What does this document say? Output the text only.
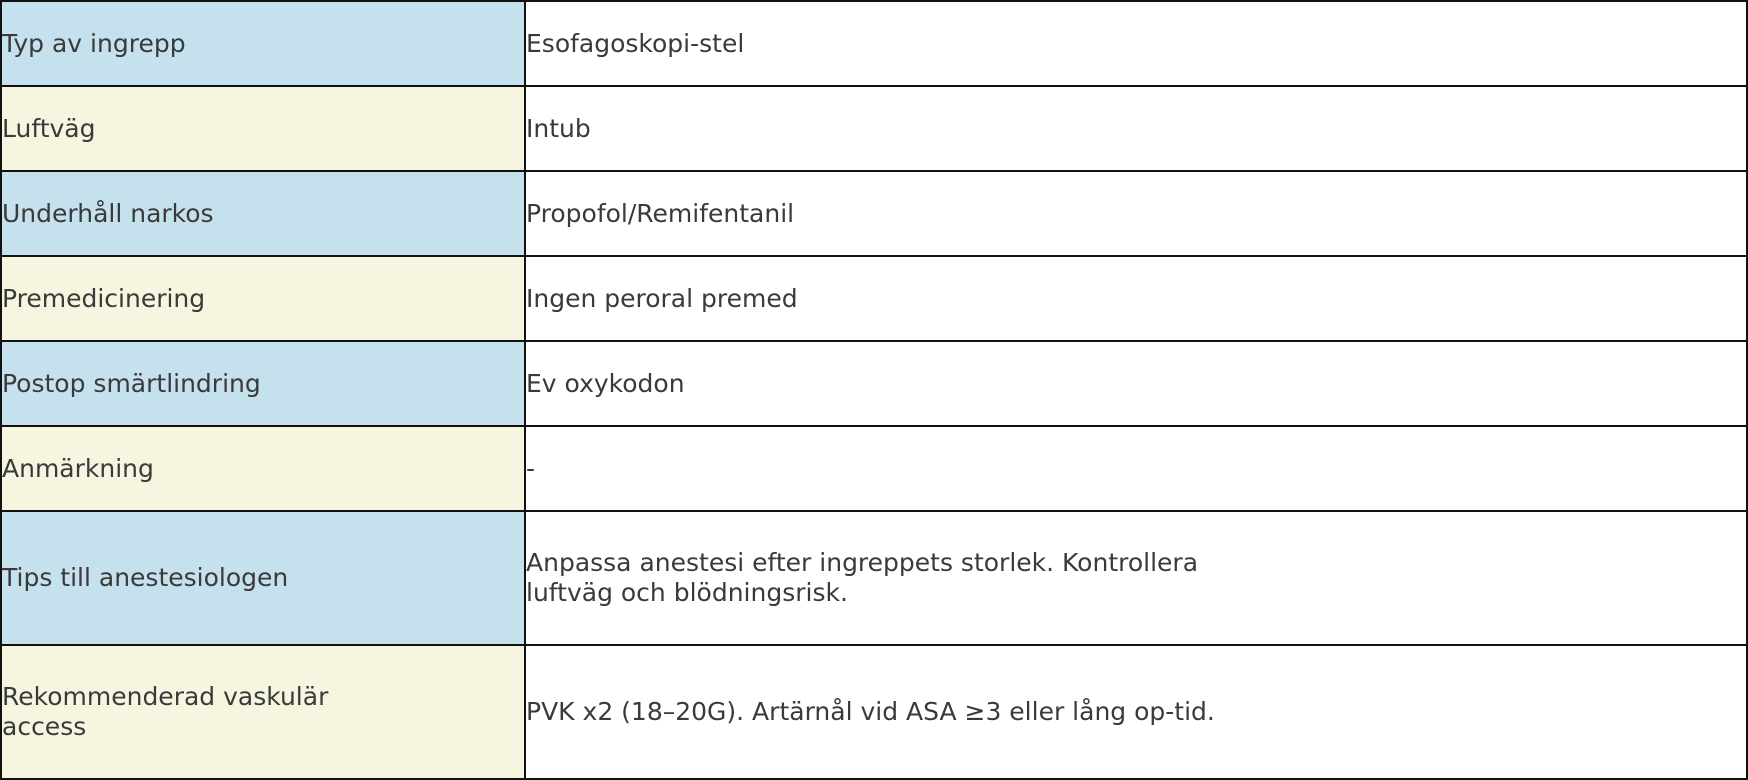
Typ av ingrepp	Esofagoskopi-stel

Luftväg	Intub

Underhåll narkos	Propofol/Remifentanil

Premedicinering	Ingen peroral premed

Postop smärtlindring	Ev oxykodon

Anmärkning	-

Tips till anestesiologen	Anpassa anestesi efter ingreppets storlek. Kontrollera luftväg och blödningsrisk.

Rekommenderad vaskulär access	PVK x2 (18–20G). Artärnål vid ASA ≥3 eller lång op-tid.
